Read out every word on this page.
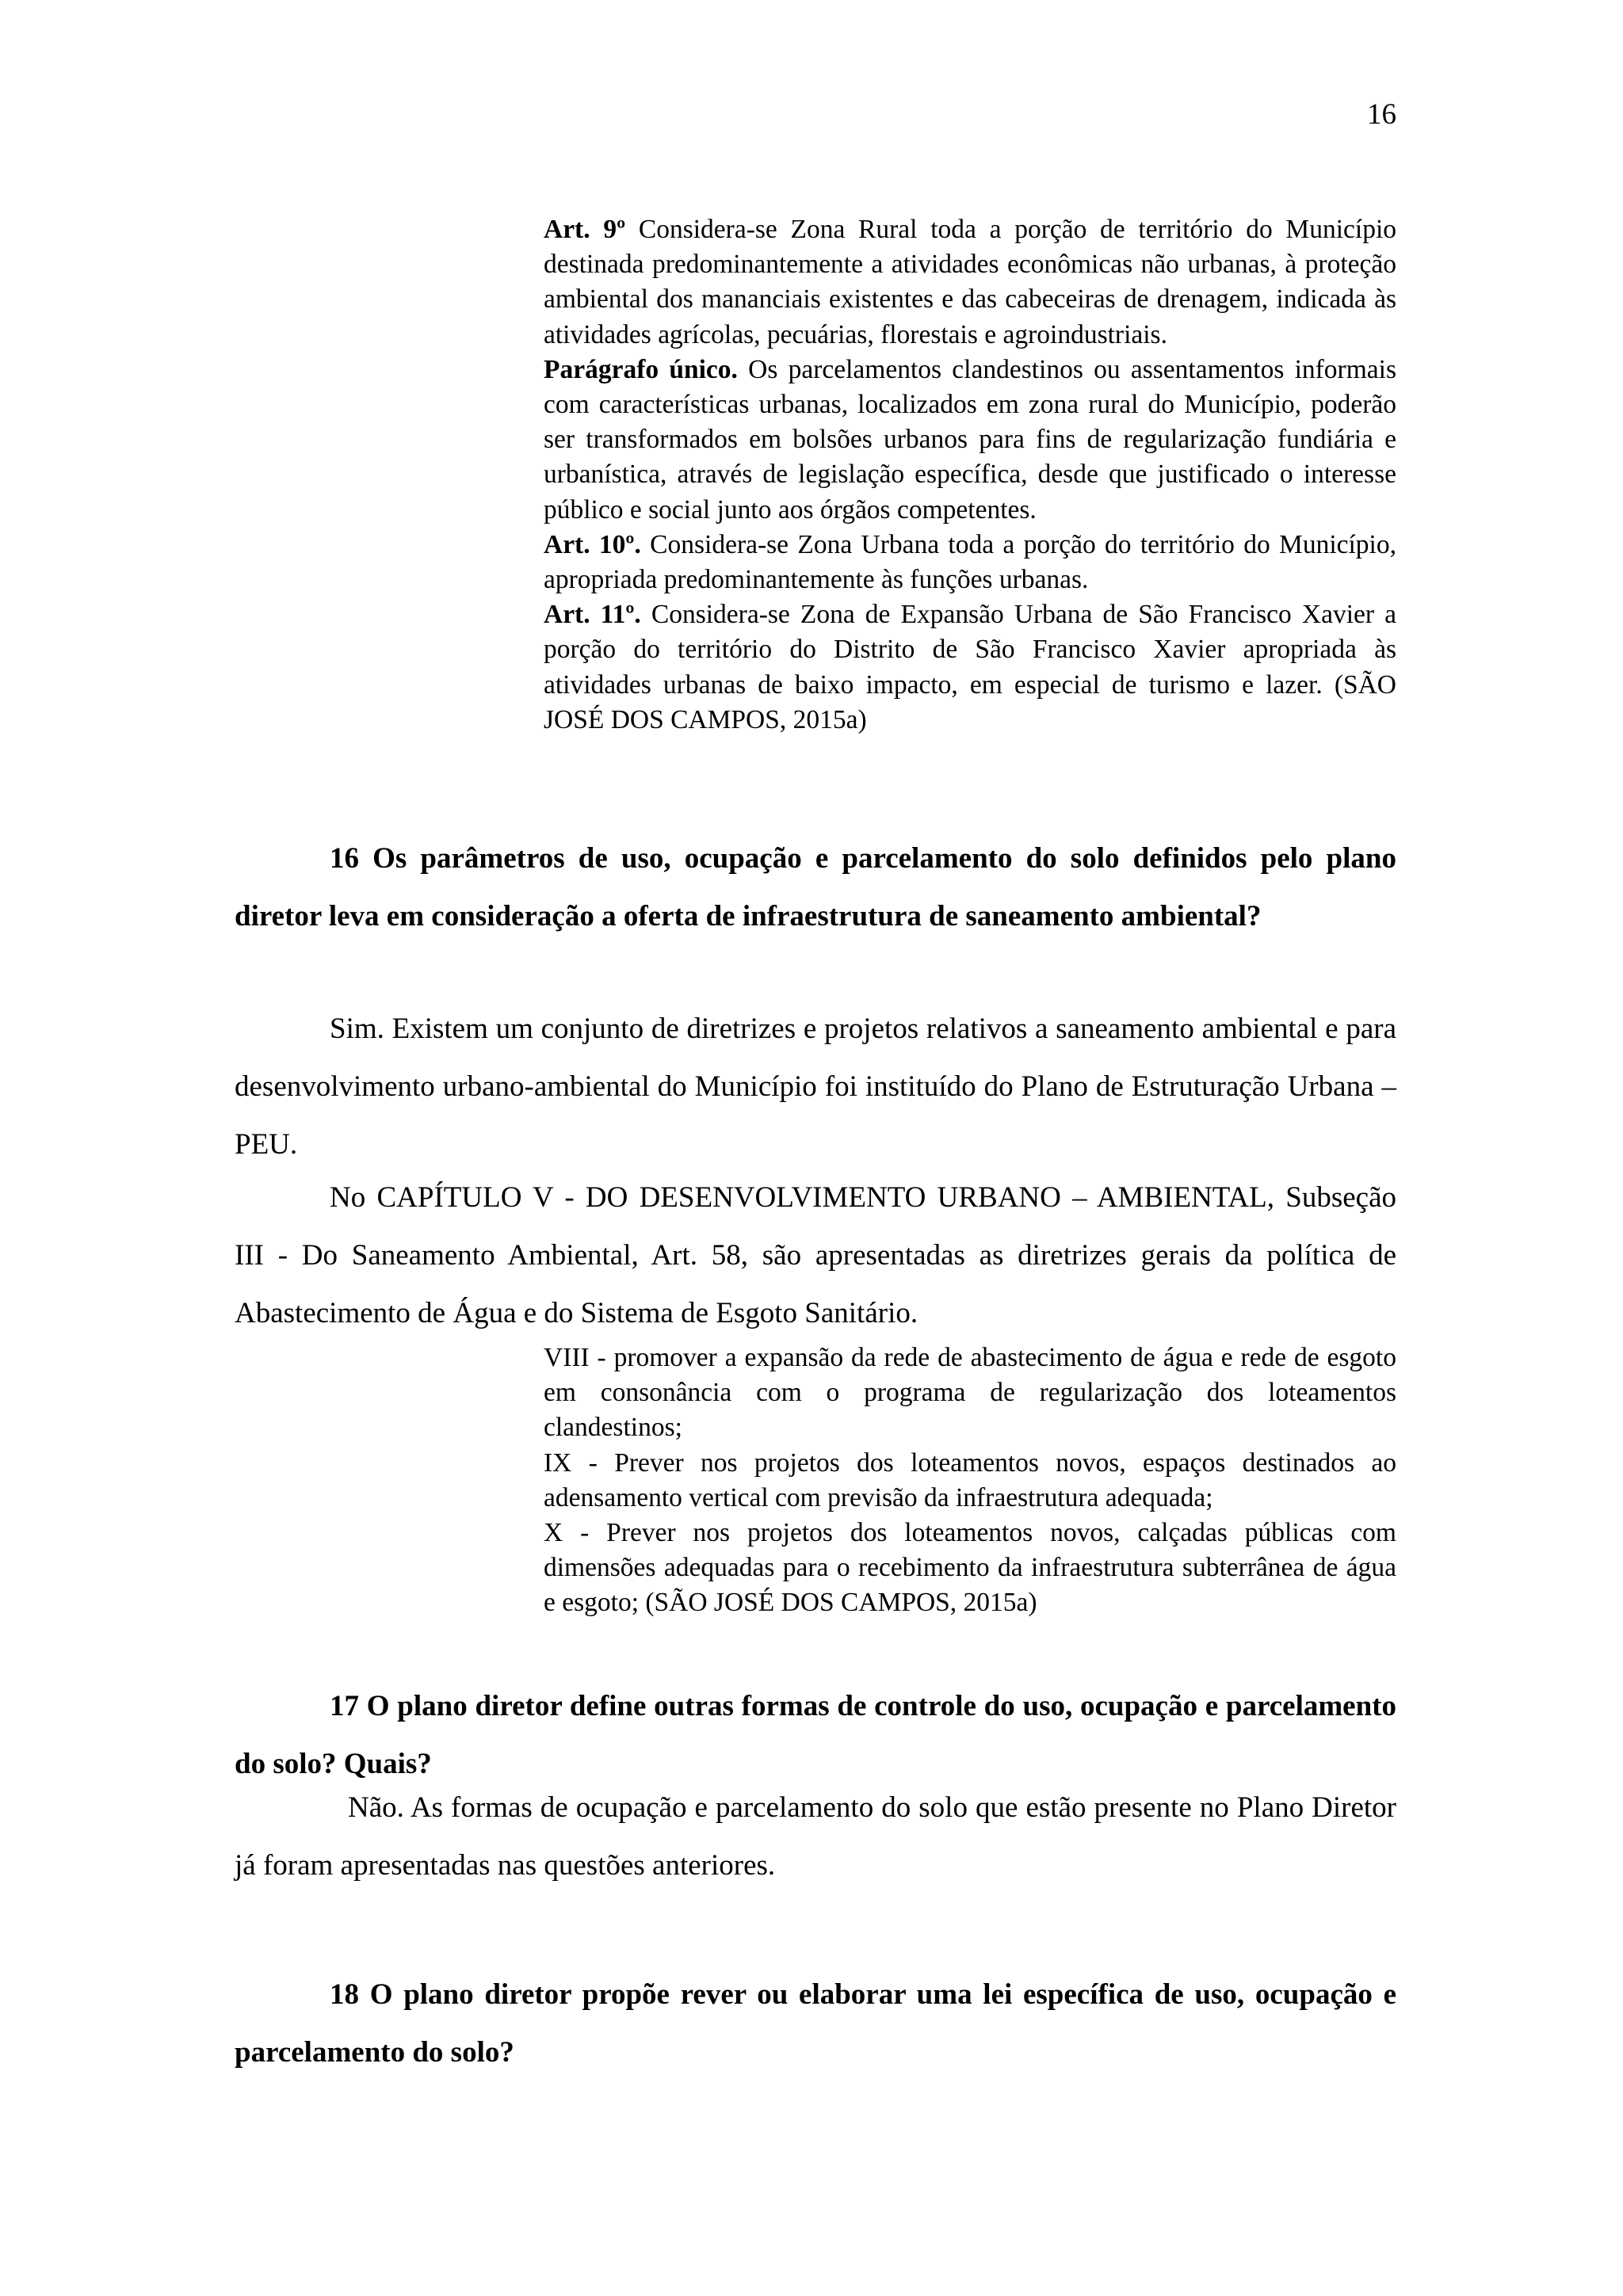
16

Art. 9º Considera-se Zona Rural toda a porção de território do Município destinada predominantemente a atividades econômicas não urbanas, à proteção ambiental dos mananciais existentes e das cabeceiras de drenagem, indicada às atividades agrícolas, pecuárias, florestais e agroindustriais.

Parágrafo único. Os parcelamentos clandestinos ou assentamentos informais com características urbanas, localizados em zona rural do Município, poderão ser transformados em bolsões urbanos para fins de regularização fundiária e urbanística, através de legislação específica, desde que justificado o interesse público e social junto aos órgãos competentes.

Art. 10º. Considera-se Zona Urbana toda a porção do território do Município, apropriada predominantemente às funções urbanas.

Art. 11º. Considera-se Zona de Expansão Urbana de São Francisco Xavier a porção do território do Distrito de São Francisco Xavier apropriada às atividades urbanas de baixo impacto, em especial de turismo e lazer. (SÃO JOSÉ DOS CAMPOS, 2015a)

16 Os parâmetros de uso, ocupação e parcelamento do solo definidos pelo plano diretor leva em consideração a oferta de infraestrutura de saneamento ambiental?

Sim. Existem um conjunto de diretrizes e projetos relativos a saneamento ambiental e para desenvolvimento urbano-ambiental do Município foi instituído do Plano de Estruturação Urbana – PEU.

No CAPÍTULO V - DO DESENVOLVIMENTO URBANO – AMBIENTAL, Subseção III - Do Saneamento Ambiental, Art. 58, são apresentadas as diretrizes gerais da política de Abastecimento de Água e do Sistema de Esgoto Sanitário.

VIII - promover a expansão da rede de abastecimento de água e rede de esgoto em consonância com o programa de regularização dos loteamentos clandestinos;

IX - Prever nos projetos dos loteamentos novos, espaços destinados ao adensamento vertical com previsão da infraestrutura adequada;

X - Prever nos projetos dos loteamentos novos, calçadas públicas com dimensões adequadas para o recebimento da infraestrutura subterrânea de água e esgoto; (SÃO JOSÉ DOS CAMPOS, 2015a)

17 O plano diretor define outras formas de controle do uso, ocupação e parcelamento do solo? Quais?

Não. As formas de ocupação e parcelamento do solo que estão presente no Plano Diretor já foram apresentadas nas questões anteriores.

18 O plano diretor propõe rever ou elaborar uma lei específica de uso, ocupação e parcelamento do solo?
